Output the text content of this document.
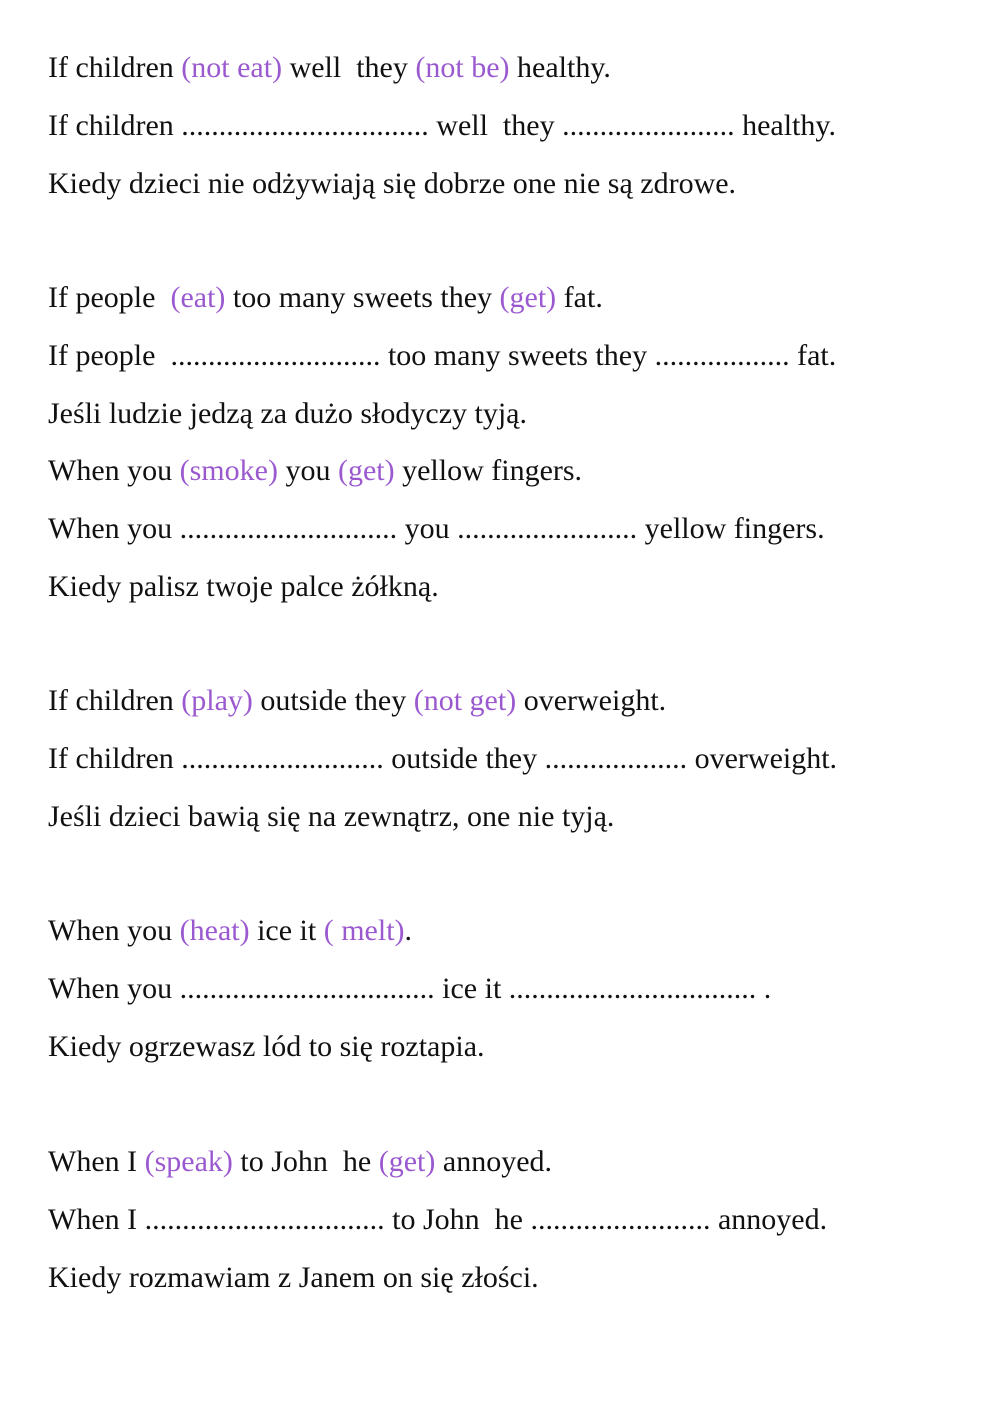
If children (not eat) well  they (not be) healthy.
If children ................................. well  they ....................... healthy.
Kiedy dzieci nie odżywiają się dobrze one nie są zdrowe.
If people  (eat) too many sweets they (get) fat.
If people  ............................ too many sweets they .................. fat.
Jeśli ludzie jedzą za dużo słodyczy tyją.
When you (smoke) you (get) yellow fingers.
When you ............................. you ........................ yellow fingers.
Kiedy palisz twoje palce żółkną.
If children (play) outside they (not get) overweight.
If children ........................... outside they ................... overweight.
Jeśli dzieci bawią się na zewnątrz, one nie tyją.
When you (heat) ice it ( melt).
When you .................................. ice it ................................. .
Kiedy ogrzewasz lód to się roztapia.
When I (speak) to John  he (get) annoyed.
When I ................................ to John  he ........................ annoyed.
Kiedy rozmawiam z Janem on się złości.
